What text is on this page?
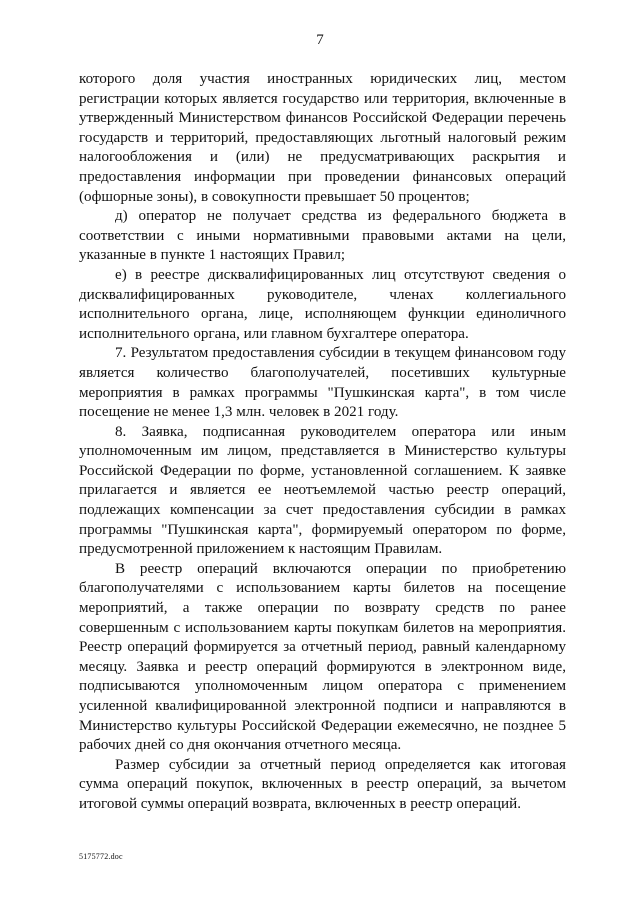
7

которого доля участия иностранных юридических лиц, местом регистрации которых является государство или территория, включенные в утвержденный Министерством финансов Российской Федерации перечень государств и территорий, предоставляющих льготный налоговый режим налогообложения и (или) не предусматривающих раскрытия и предоставления информации при проведении финансовых операций (офшорные зоны), в совокупности превышает 50 процентов;

д) оператор не получает средства из федерального бюджета в соответствии с иными нормативными правовыми актами на цели, указанные в пункте 1 настоящих Правил;

е) в реестре дисквалифицированных лиц отсутствуют сведения о дисквалифицированных руководителе, членах коллегиального исполнительного органа, лице, исполняющем функции единоличного исполнительного органа, или главном бухгалтере оператора.

7. Результатом предоставления субсидии в текущем финансовом году является количество благополучателей, посетивших культурные мероприятия в рамках программы "Пушкинская карта", в том числе посещение не менее 1,3 млн. человек в 2021 году.

8. Заявка, подписанная руководителем оператора или иным уполномоченным им лицом, представляется в Министерство культуры Российской Федерации по форме, установленной соглашением. К заявке прилагается и является ее неотъемлемой частью реестр операций, подлежащих компенсации за счет предоставления субсидии в рамках программы "Пушкинская карта", формируемый оператором по форме, предусмотренной приложением к настоящим Правилам.

В реестр операций включаются операции по приобретению благополучателями с использованием карты билетов на посещение мероприятий, а также операции по возврату средств по ранее совершенным с использованием карты покупкам билетов на мероприятия. Реестр операций формируется за отчетный период, равный календарному месяцу. Заявка и реестр операций формируются в электронном виде, подписываются уполномоченным лицом оператора с применением усиленной квалифицированной электронной подписи и направляются в Министерство культуры Российской Федерации ежемесячно, не позднее 5 рабочих дней со дня окончания отчетного месяца.

Размер субсидии за отчетный период определяется как итоговая сумма операций покупок, включенных в реестр операций, за вычетом итоговой суммы операций возврата, включенных в реестр операций.

5175772.doc
